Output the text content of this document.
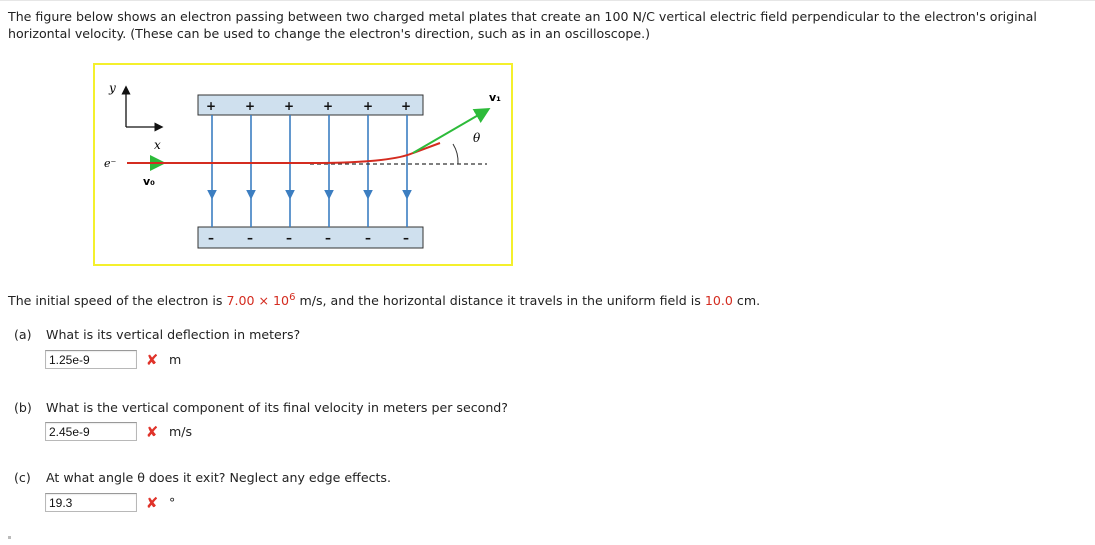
The figure below shows an electron passing between two charged metal plates that create an 100 N/C vertical electric field perpendicular to the electron's original horizontal velocity. (These can be used to change the electron's direction, such as in an oscilloscope.)

y
x
+ + + + + +
–	–	–	–	–	–
e⁻
v₀
v₁
θ

The initial speed of the electron is $7.00 \times 10^6$ m/s, and the horizontal distance it travels in the uniform field is 10.0 cm.

(a) What is its vertical deflection in meters?
1.25e-9
✘ m
(b) What is the vertical component of its final velocity in meters per second?
2.45e-9
✘ m/s
(c) At what angle θ does it exit? Neglect any edge effects.
19.3
✘ °
